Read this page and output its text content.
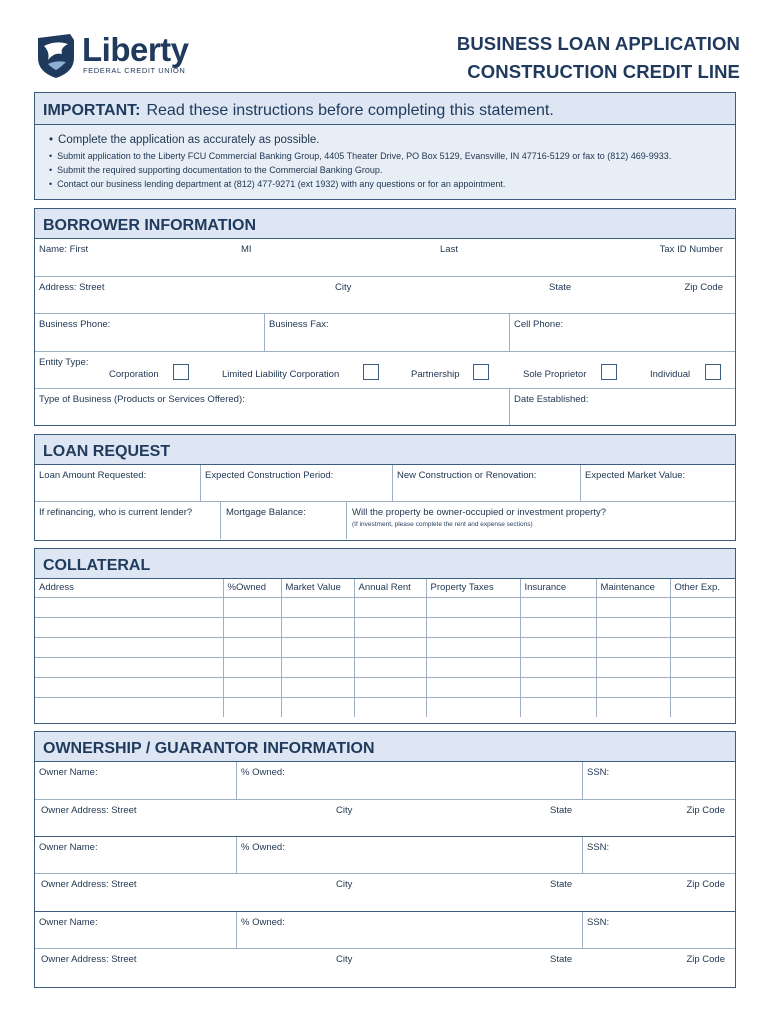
Liberty
FEDERAL CREDIT UNION
BUSINESS LOAN APPLICATION
CONSTRUCTION CREDIT LINE
IMPORTANT: Read these instructions before completing this statement.
• Complete the application as accurately as possible.
• Submit application to the Liberty FCU Commercial Banking Group, 4405 Theater Drive, PO Box 5129, Evansville, IN 47716-5129 or fax to (812) 469-9933.
• Submit the required supporting documentation to the Commercial Banking Group.
• Contact our business lending department at (812) 477-9271 (ext 1932) with any questions or for an appointment.
BORROWER INFORMATION
Name: First	MI	Last	Tax ID Number
Address: Street	City	State	Zip Code
Business Phone:	Business Fax:	Cell Phone:
Entity Type:
Corporation	Limited Liability Corporation	Partnership	Sole Proprietor	Individual
Type of Business (Products or Services Offered):	Date Established:
LOAN REQUEST
Loan Amount Requested:	Expected Construction Period:	New Construction or Renovation:	Expected Market Value:
If refinancing, who is current lender?	Mortgage Balance:	Will the property be owner-occupied or investment property?
(If investment, please complete the rent and expense sections)
COLLATERAL
Address	%Owned	Market Value	Annual Rent	Property Taxes	Insurance	Maintenance	Other Exp.

OWNERSHIP / GUARANTOR INFORMATION
Owner Name:	% Owned:	SSN:
Owner Address: Street	City	State	Zip Code
Owner Name:	% Owned:	SSN:
Owner Address: Street	City	State	Zip Code
Owner Name:	% Owned:	SSN:
Owner Address: Street	City	State	Zip Code
